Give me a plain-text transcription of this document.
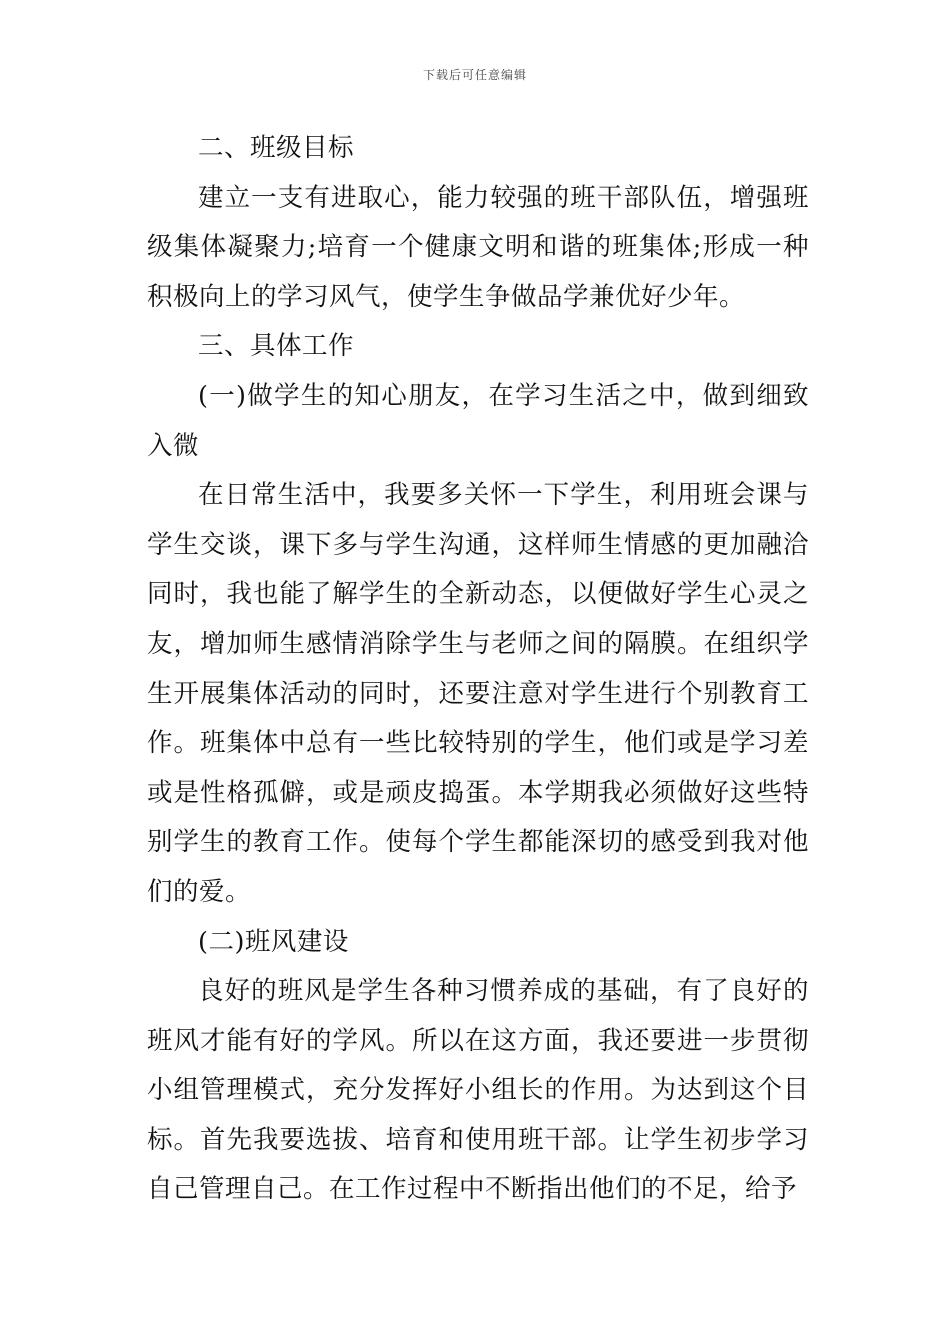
下载后可任意编辑

二、班级目标

建立一支有进取心，能力较强的班干部队伍，增强班级集体凝聚力;培育一个健康文明和谐的班集体;形成一种积极向上的学习风气，使学生争做品学兼优好少年。

三、具体工作

(一)做学生的知心朋友，在学习生活之中，做到细致入微

在日常生活中，我要多关怀一下学生，利用班会课与学生交谈，课下多与学生沟通，这样师生情感的更加融洽同时，我也能了解学生的全新动态，以便做好学生心灵之友，增加师生感情消除学生与老师之间的隔膜。在组织学生开展集体活动的同时，还要注意对学生进行个别教育工作。班集体中总有一些比较特别的学生，他们或是学习差或是性格孤僻，或是顽皮捣蛋。本学期我必须做好这些特别学生的教育工作。使每个学生都能深切的感受到我对他们的爱。

(二)班风建设

良好的班风是学生各种习惯养成的基础，有了良好的班风才能有好的学风。所以在这方面，我还要进一步贯彻小组管理模式，充分发挥好小组长的作用。为达到这个目标。首先我要选拔、培育和使用班干部。让学生初步学习自己管理自己。在工作过程中不断指出他们的不足，给予
